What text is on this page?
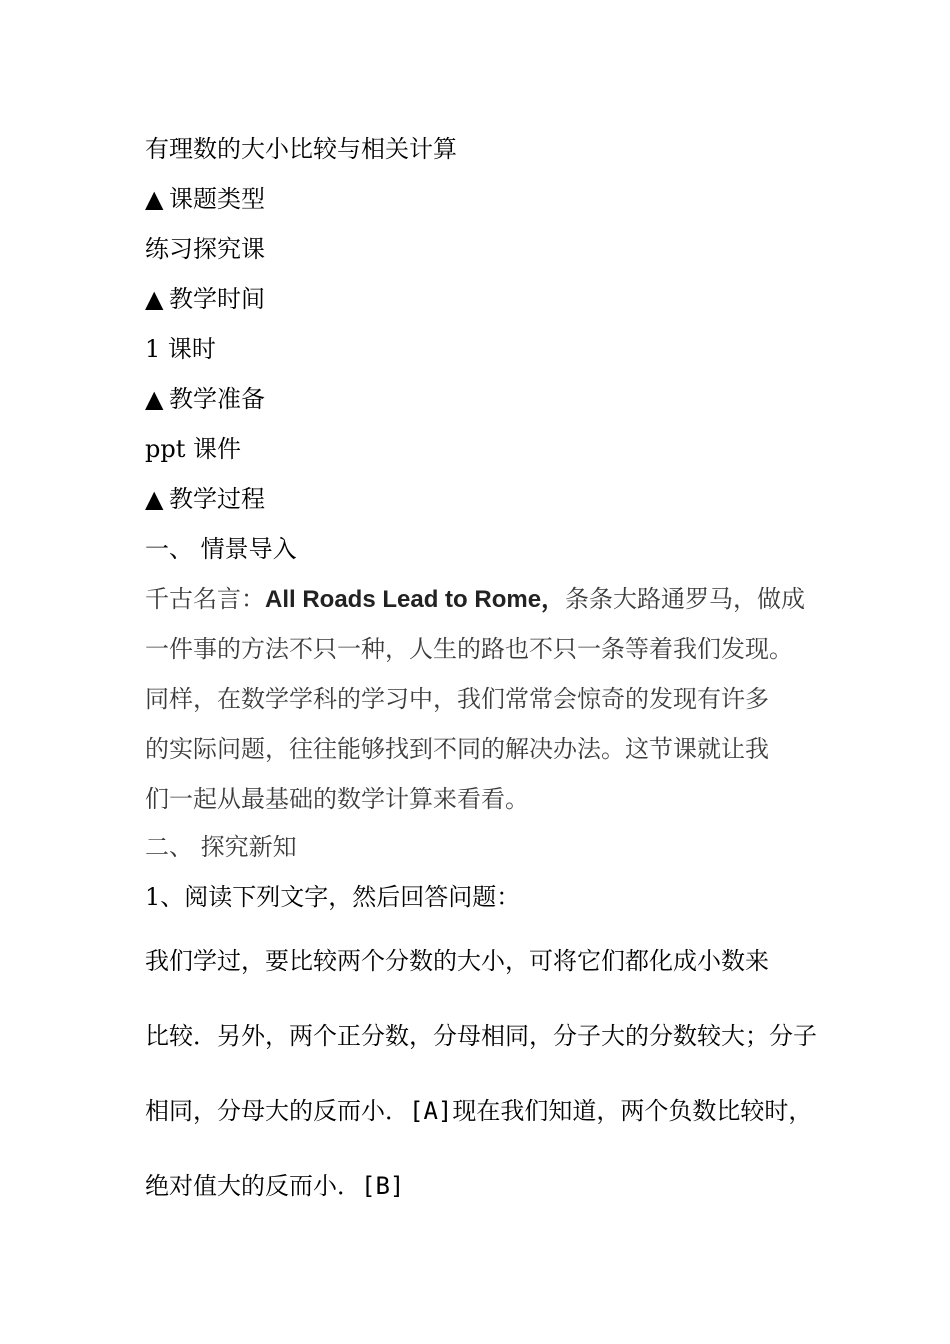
有理数的大小比较与相关计算
▲ 课题类型
练习探究课
▲ 教学时间
1 课时
▲ 教学准备
ppt 课件
▲ 教学过程
一、 情景导入
千古名言：All Roads Lead to Rome，条条大路通罗马，做成
一件事的方法不只一种，人生的路也不只一条等着我们发现。
同样，在数学学科的学习中，我们常常会惊奇的发现有许多
的实际问题，往往能够找到不同的解决办法。这节课就让我
们一起从最基础的数学计算来看看。
二、 探究新知
1、阅读下列文字，然后回答问题：
我们学过，要比较两个分数的大小，可将它们都化成小数来
比较．另外，两个正分数，分母相同，分子大的分数较大；分子
相同，分母大的反而小．[A]现在我们知道，两个负数比较时，
绝对值大的反而小．[B]
